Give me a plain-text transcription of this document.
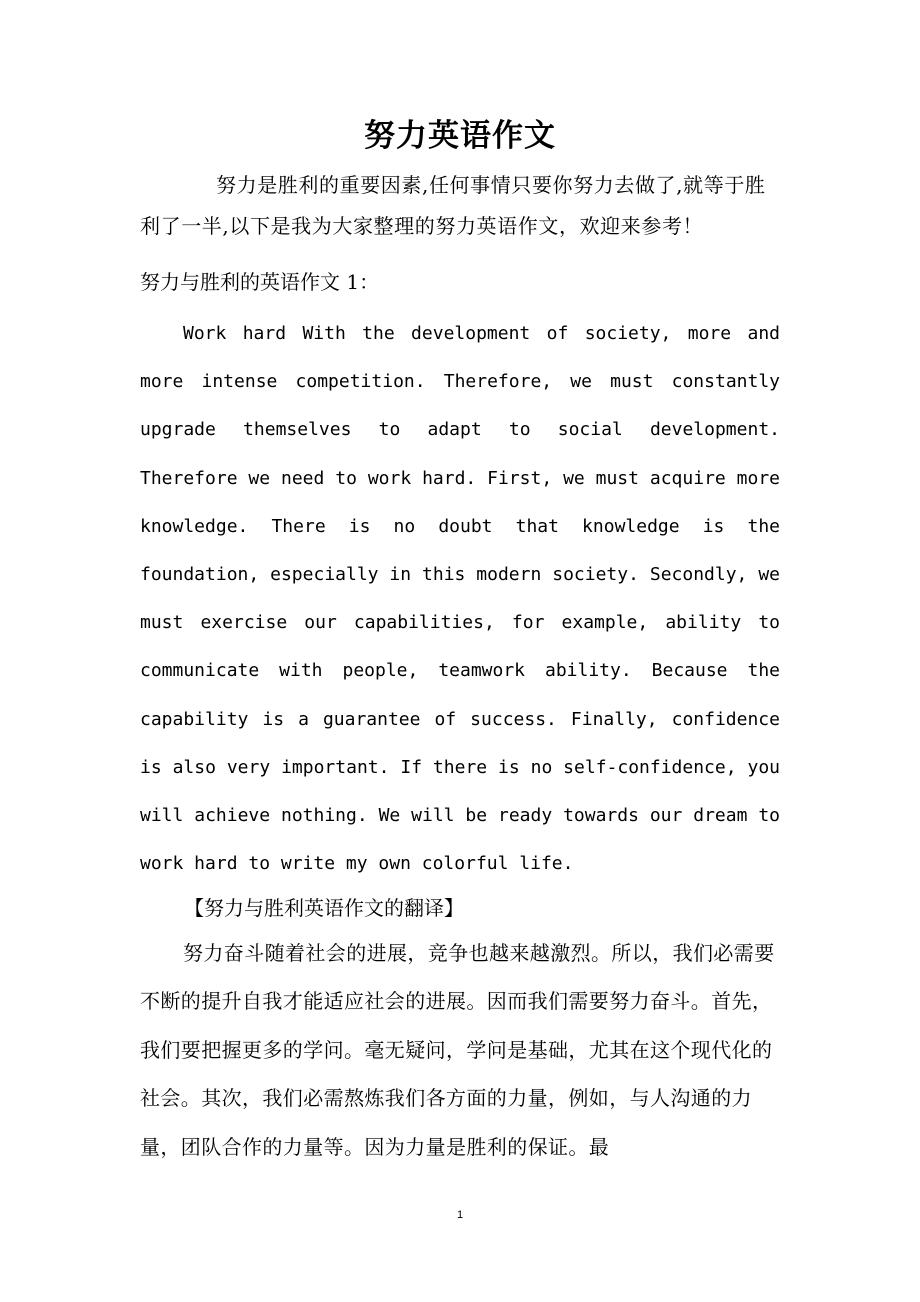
努力英语作文
努力是胜利的重要因素,任何事情只要你努力去做了,就等于胜利了一半,以下是我为大家整理的努力英语作文，欢迎来参考！
努力与胜利的英语作文 1：
Work hard With the development of society, more and more intense competition. Therefore, we must constantly upgrade themselves to adapt to social development. Therefore we need to work hard. First, we must acquire more knowledge. There is no doubt that knowledge is the foundation, especially in this modern society. Secondly, we must exercise our capabilities, for example, ability to communicate with people, teamwork ability. Because the capability is a guarantee of success. Finally, confidence is also very important. If there is no self-confidence, you will achieve nothing. We will be ready towards our dream to work hard to write my own colorful life.
【努力与胜利英语作文的翻译】
努力奋斗随着社会的进展，竞争也越来越激烈。所以，我们必需要不断的提升自我才能适应社会的进展。因而我们需要努力奋斗。首先，我们要把握更多的学问。毫无疑问，学问是基础，尤其在这个现代化的社会。其次，我们必需熬炼我们各方面的力量，例如，与人沟通的力量，团队合作的力量等。因为力量是胜利的保证。最
1
